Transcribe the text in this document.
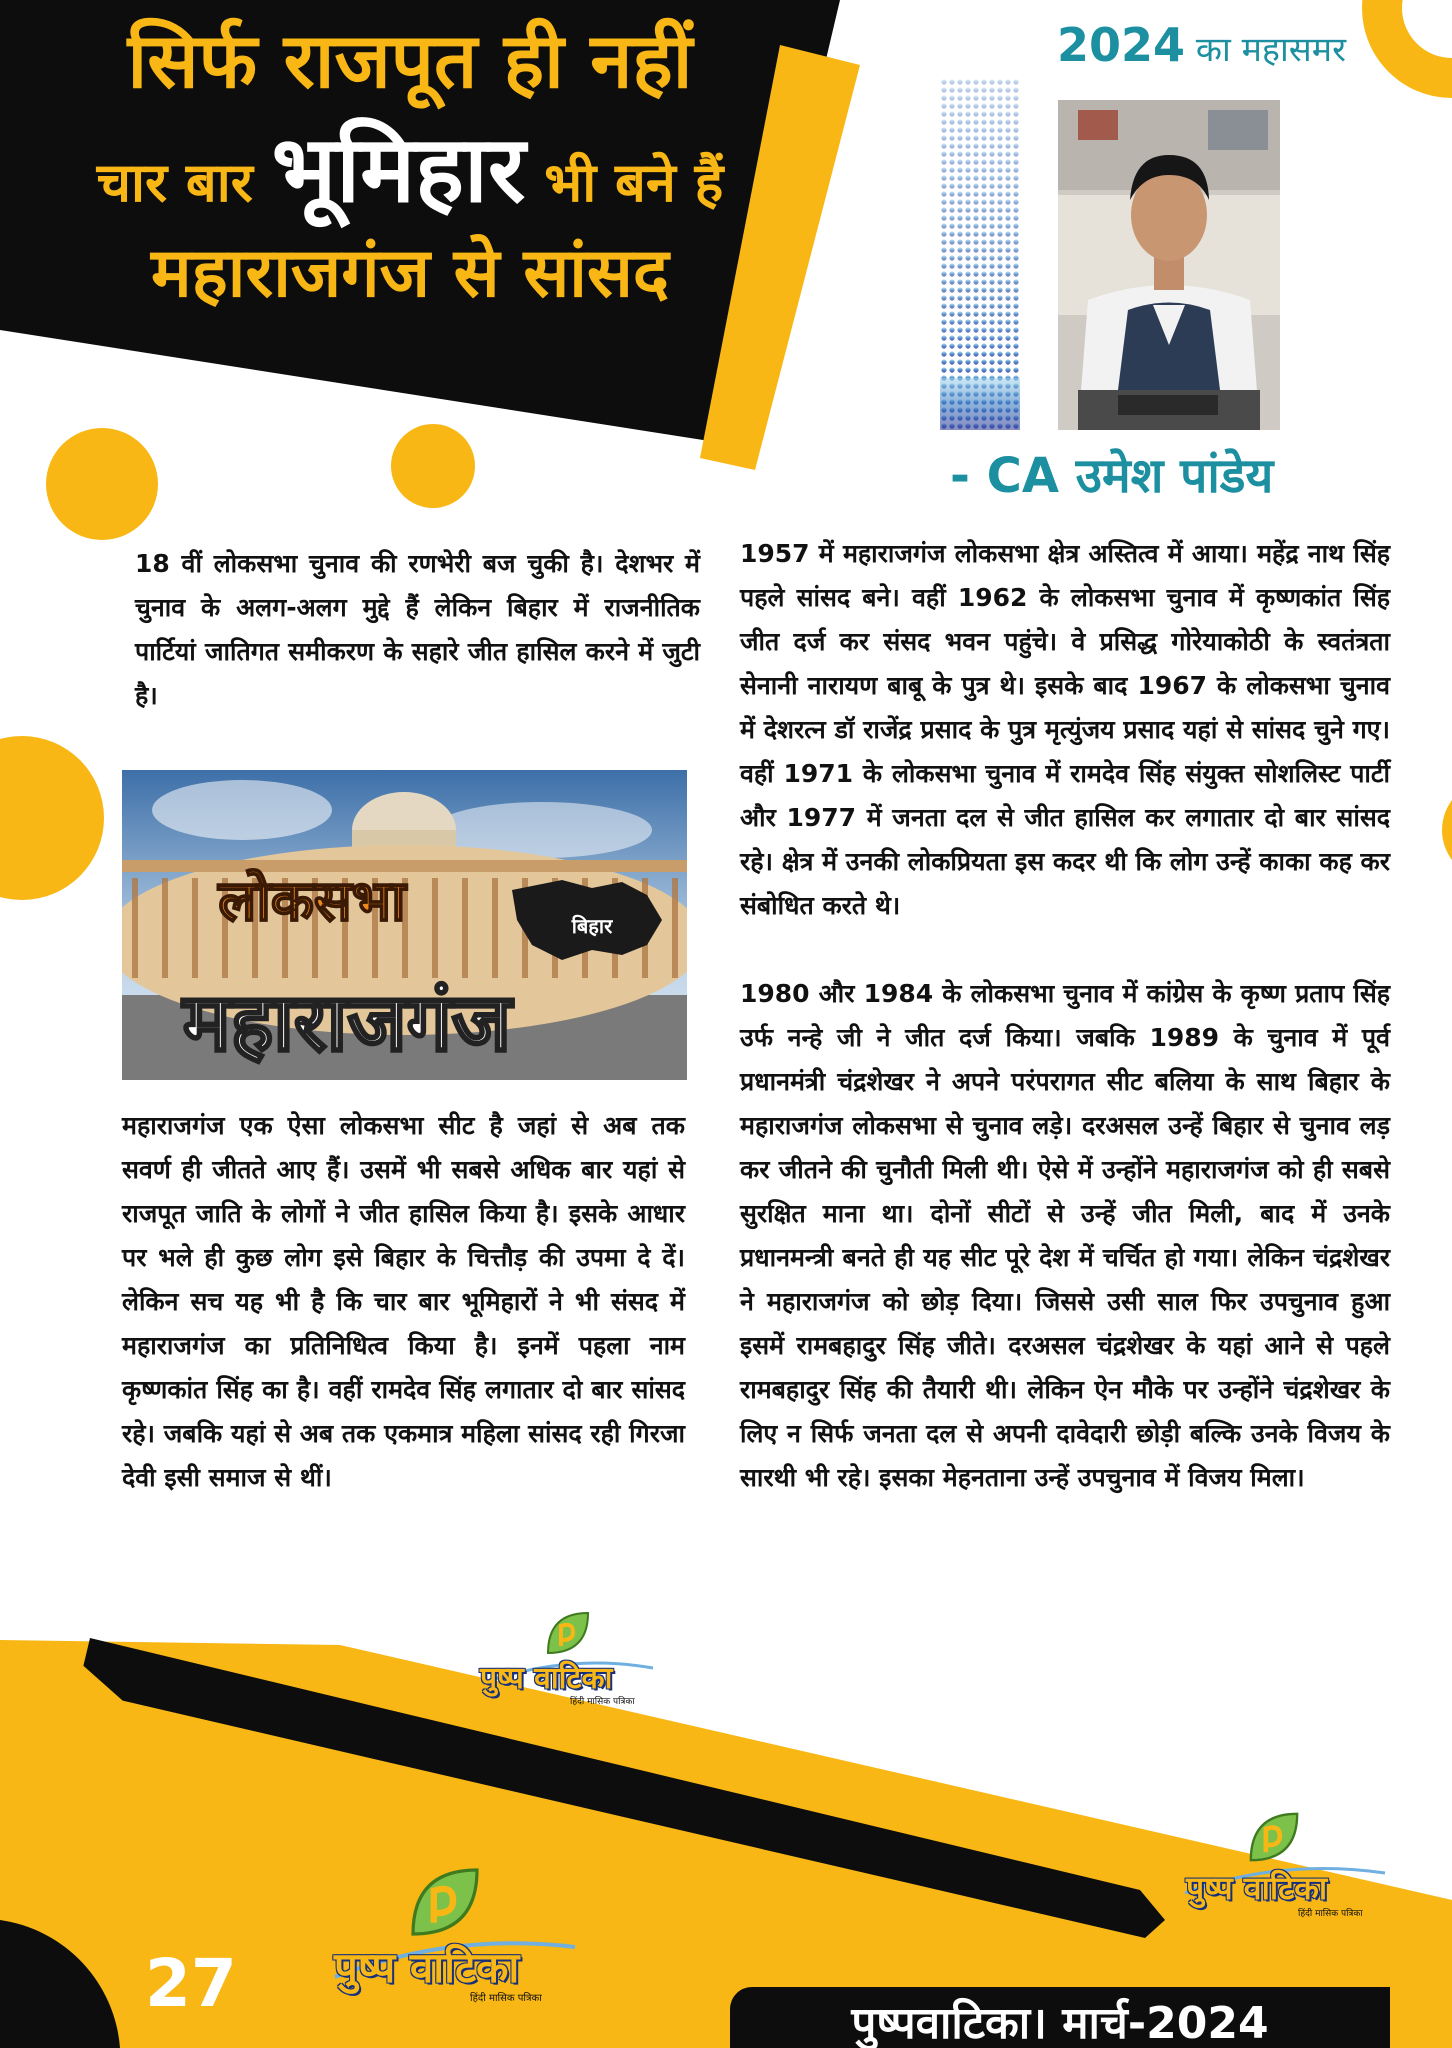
सिर्फ राजपूत ही नहीं
चार बार भूमिहार भी बने हैं
महाराजगंज से सांसद
2024 का महासमर
- CA उमेश पांडेय

18 वीं लोकसभा चुनाव की रणभेरी बज चुकी है। देशभर में चुनाव के अलग-अलग मुद्दे हैं लेकिन बिहार में राजनीतिक पार्टियां जातिगत समीकरण के सहारे जीत हासिल करने में जुटी है।

बिहार
लोकसभा
महाराजगंज

महाराजगंज एक ऐसा लोकसभा सीट है जहां से अब तक सवर्ण ही जीतते आए हैं। उसमें भी सबसे अधिक बार यहां से राजपूत जाति के लोगों ने जीत हासिल किया है। इसके आधार पर भले ही कुछ लोग इसे बिहार के चित्तौड़ की उपमा दे दें। लेकिन सच यह भी है कि चार बार भूमिहारों ने भी संसद में महाराजगंज का प्रतिनिधित्व किया है। इनमें पहला नाम कृष्णकांत सिंह का है। वहीं रामदेव सिंह लगातार दो बार सांसद रहे। जबकि यहां से अब तक एकमात्र महिला सांसद रही गिरजा देवी इसी समाज से थीं।

1957 में महाराजगंज लोकसभा क्षेत्र अस्तित्व में आया। महेंद्र नाथ सिंह पहले सांसद बने। वहीं 1962 के लोकसभा चुनाव में कृष्णकांत सिंह जीत दर्ज कर संसद भवन पहुंचे। वे प्रसिद्ध गोरेयाकोठी के स्वतंत्रता सेनानी नारायण बाबू के पुत्र थे। इसके बाद 1967 के लोकसभा चुनाव में देशरत्न डॉ राजेंद्र प्रसाद के पुत्र मृत्युंजय प्रसाद यहां से सांसद चुने गए। वहीं 1971 के लोकसभा चुनाव में रामदेव सिंह संयुक्त सोशलिस्ट पार्टी और 1977 में जनता दल से जीत हासिल कर लगातार दो बार सांसद रहे। क्षेत्र में उनकी लोकप्रियता इस कदर थी कि लोग उन्हें काका कह कर संबोधित करते थे।

1980 और 1984 के लोकसभा चुनाव में कांग्रेस के कृष्ण प्रताप सिंह उर्फ नन्हे जी ने जीत दर्ज किया। जबकि 1989 के चुनाव में पूर्व प्रधानमंत्री चंद्रशेखर ने अपने परंपरागत सीट बलिया के साथ बिहार के महाराजगंज लोकसभा से चुनाव लड़े। दरअसल उन्हें बिहार से चुनाव लड़ कर जीतने की चुनौती मिली थी। ऐसे में उन्होंने महाराजगंज को ही सबसे सुरक्षित माना था। दोनों सीटों से उन्हें जीत मिली, बाद में उनके प्रधानमन्त्री बनते ही यह सीट पूरे देश में चर्चित हो गया। लेकिन चंद्रशेखर ने महाराजगंज को छोड़ दिया। जिससे उसी साल फिर उपचुनाव हुआ इसमें रामबहादुर सिंह जीते। दरअसल चंद्रशेखर के यहां आने से पहले रामबहादुर सिंह की तैयारी थी। लेकिन ऐन मौके पर उन्होंने चंद्रशेखर के लिए न सिर्फ जनता दल से अपनी दावेदारी छोड़ी बल्कि उनके विजय के सारथी भी रहे। इसका मेहनताना उन्हें उपचुनाव में विजय मिला।

पुष्प वाटिका
हिंदी मासिक पत्रिका
पुष्प वाटिका
हिंदी मासिक पत्रिका
पुष्प वाटिका
हिंदी मासिक पत्रिका
27
पुष्पवाटिका। मार्च-2024
